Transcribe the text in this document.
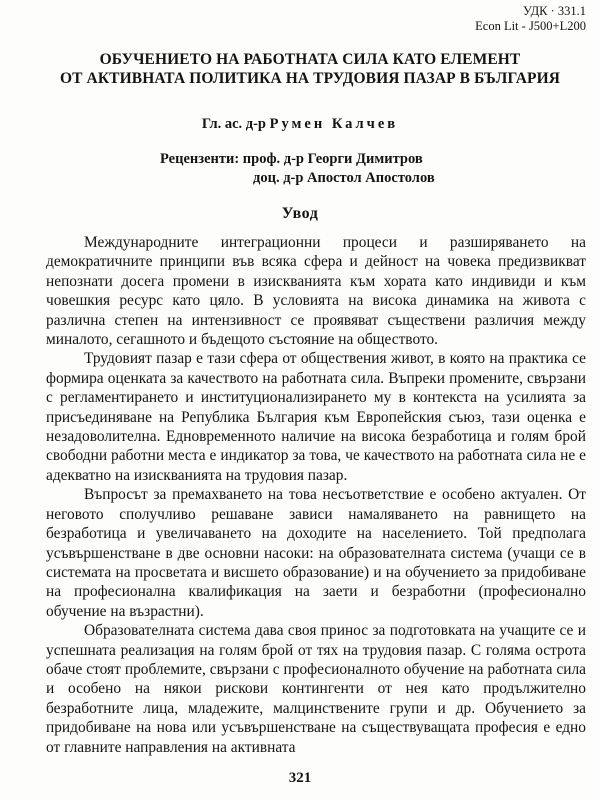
УДК · 331.1
Econ Lit - J500+L200
ОБУЧЕНИЕТО НА РАБОТНАТА СИЛА КАТО ЕЛЕМЕНТ
ОТ АКТИВНАТА ПОЛИТИКА НА ТРУДОВИЯ ПАЗАР В БЪЛГАРИЯ
Гл. ас. д-р Румен Калчев
Рецензенти: проф. д-р Георги Димитров
доц. д-р Апостол Апостолов
Увод

Международните интеграционни процеси и разширяването на демократичните принципи във всяка сфера и дейност на човека предизвикват непознати досега промени в изискванията към хората като индивиди и към човешкия ресурс като цяло. В условията на висока динамика на живота с различна степен на интензивност се проявяват съществени различия между миналото, сегашното и бъдещото състояние на обществото.

Трудовият пазар е тази сфера от обществения живот, в която на практика се формира оценката за качеството на работната сила. Въпреки промените, свързани с регламентирането и институционализирането му в контекста на усилията за присъединяване на Република България към Европейския съюз, тази оценка е незадоволителна. Едновременното наличие на висока безработица и голям брой свободни работни места е индикатор за това, че качеството на работната сила не е адекватно на изискванията на трудовия пазар.

Въпросът за премахването на това несъответствие е особено актуален. От неговото сполучливо решаване зависи намаляването на равнището на безработица и увеличаването на доходите на населението. Той предполага усъвършенстване в две основни насоки: на образователната система (учащи се в системата на просветата и висшето образование) и на обучението за придобиване на професионална квалификация на заети и безработни (професионално обучение на възрастни).

Образователната система дава своя принос за подготовката на учащите се и успешната реализация на голям брой от тях на трудовия пазар. С голяма острота обаче стоят проблемите, свързани с професионалното обучение на работната сила и особено на някои рискови контингенти от нея като продължително безработните лица, младежите, малцинствените групи и др. Обучението за придобиване на нова или усъвършенстване на съществуващата професия е едно от главните направления на активната

321
